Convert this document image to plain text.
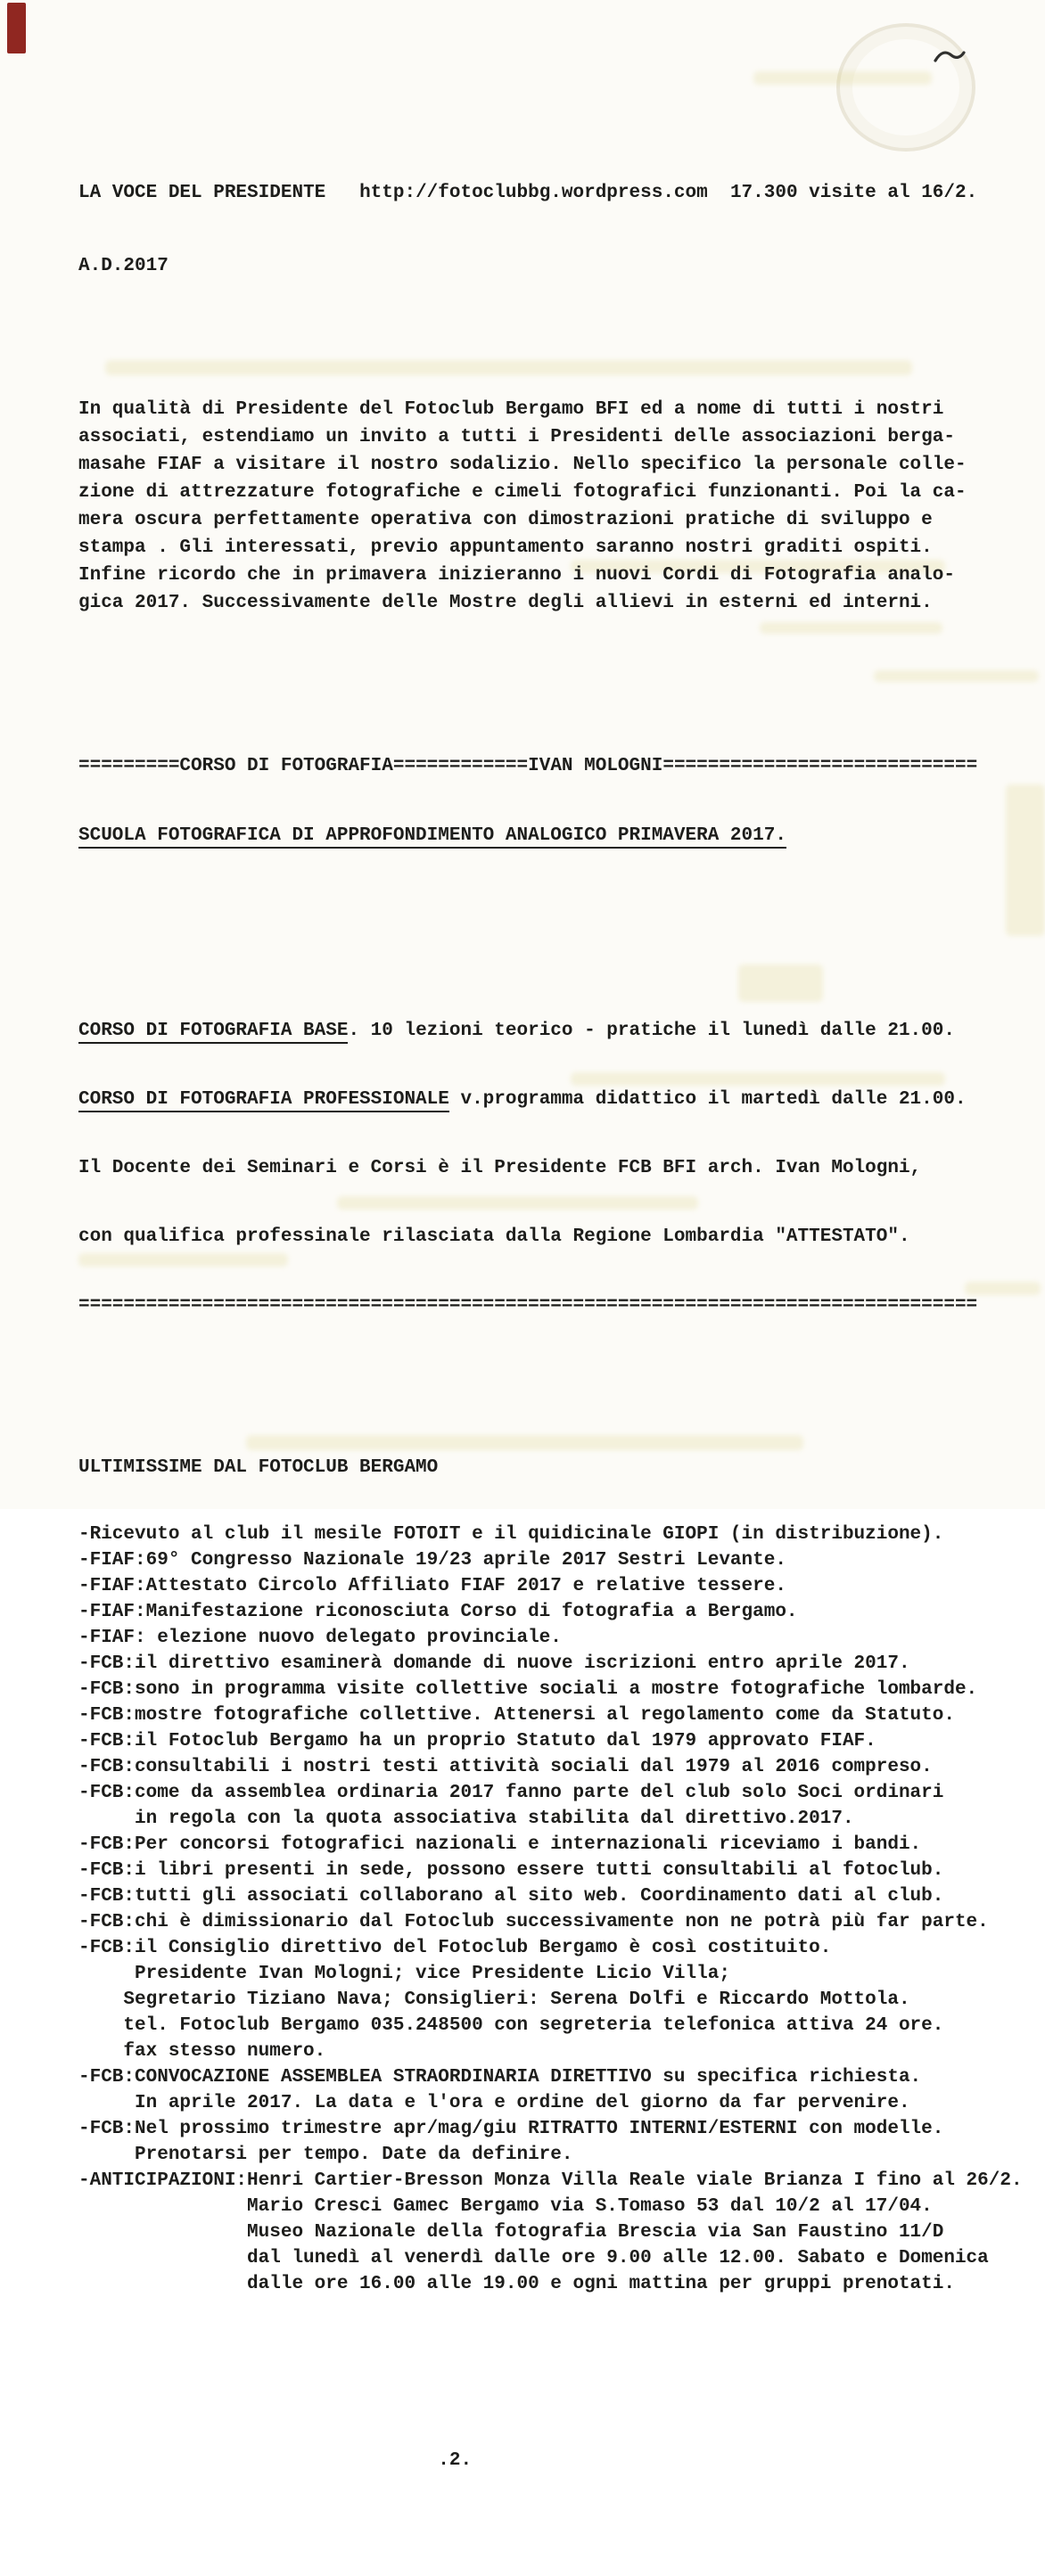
LA VOCE DEL PRESIDENTE http://fotoclubbg.wordpress.com 17.300 visite al 16/2.

A.D.2017

In qualità di Presidente del Fotoclub Bergamo BFI ed a nome di tutti i nostri
associati, estendiamo un invito a tutti i Presidenti delle associazioni berga-
masahe FIAF a visitare il nostro sodalizio. Nello specifico la personale colle-
zione di attrezzature fotografiche e cimeli fotografici funzionanti. Poi la ca-
mera oscura perfettamente operativa con dimostrazioni pratiche di sviluppo e
stampa . Gli interessati, previo appuntamento saranno nostri graditi ospiti.
Infine ricordo che in primavera inizieranno i nuovi Cordi di Fotografia analo-
gica 2017. Successivamente delle Mostre degli allievi in esterni ed interni.

=========CORSO DI FOTOGRAFIA============IVAN MOLOGNI============================

SCUOLA FOTOGRAFICA DI APPROFONDIMENTO ANALOGICO PRIMAVERA 2017.

CORSO DI FOTOGRAFIA BASE. 10 lezioni teorico - pratiche il lunedì dalle 21.00.

CORSO DI FOTOGRAFIA PROFESSIONALE v.programma didattico il martedì dalle 21.00.

Il Docente dei Seminari e Corsi è il Presidente FCB BFI arch. Ivan Mologni,

con qualifica professinale rilasciata dalla Regione Lombardia "ATTESTATO".

================================================================================

ULTIMISSIME DAL FOTOCLUB BERGAMO

-Ricevuto al club il mesile FOTOIT e il quidicinale GIOPI (in distribuzione).
-FIAF:69° Congresso Nazionale 19/23 aprile 2017 Sestri Levante.
-FIAF:Attestato Circolo Affiliato FIAF 2017 e relative tessere.
-FIAF:Manifestazione riconosciuta Corso di fotografia a Bergamo.
-FIAF: elezione nuovo delegato provinciale.
-FCB:il direttivo esaminerà domande di nuove iscrizioni entro aprile 2017.
-FCB:sono in programma visite collettive sociali a mostre fotografiche lombarde.
-FCB:mostre fotografiche collettive. Attenersi al regolamento come da Statuto.
-FCB:il Fotoclub Bergamo ha un proprio Statuto dal 1979 approvato FIAF.
-FCB:consultabili i nostri testi attività sociali dal 1979 al 2016 compreso.
-FCB:come da assemblea ordinaria 2017 fanno parte del club solo Soci ordinari
in regola con la quota associativa stabilita dal direttivo.2017.
-FCB:Per concorsi fotografici nazionali e internazionali riceviamo i bandi.
-FCB:i libri presenti in sede, possono essere tutti consultabili al fotoclub.
-FCB:tutti gli associati collaborano al sito web. Coordinamento dati al club.
-FCB:chi è dimissionario dal Fotoclub successivamente non ne potrà più far parte.
-FCB:il Consiglio direttivo del Fotoclub Bergamo è così costituito.
Presidente Ivan Mologni; vice Presidente Licio Villa;
Segretario Tiziano Nava; Consiglieri: Serena Dolfi e Riccardo Mottola.
tel. Fotoclub Bergamo 035.248500 con segreteria telefonica attiva 24 ore.
fax stesso numero.
-FCB:CONVOCAZIONE ASSEMBLEA STRAORDINARIA DIRETTIVO su specifica richiesta.
In aprile 2017. La data e l'ora e ordine del giorno da far pervenire.
-FCB:Nel prossimo trimestre apr/mag/giu RITRATTO INTERNI/ESTERNI con modelle.
Prenotarsi per tempo. Date da definire.
-ANTICIPAZIONI:Henri Cartier-Bresson Monza Villa Reale viale Brianza I fino al 26/2.
Mario Cresci Gamec Bergamo via S.Tomaso 53 dal 10/2 al 17/04.
Museo Nazionale della fotografia Brescia via San Faustino 11/D
dal lunedì al venerdì dalle ore 9.00 alle 12.00. Sabato e Domenica
dalle ore 16.00 alle 19.00 e ogni mattina per gruppi prenotati.

.2.
